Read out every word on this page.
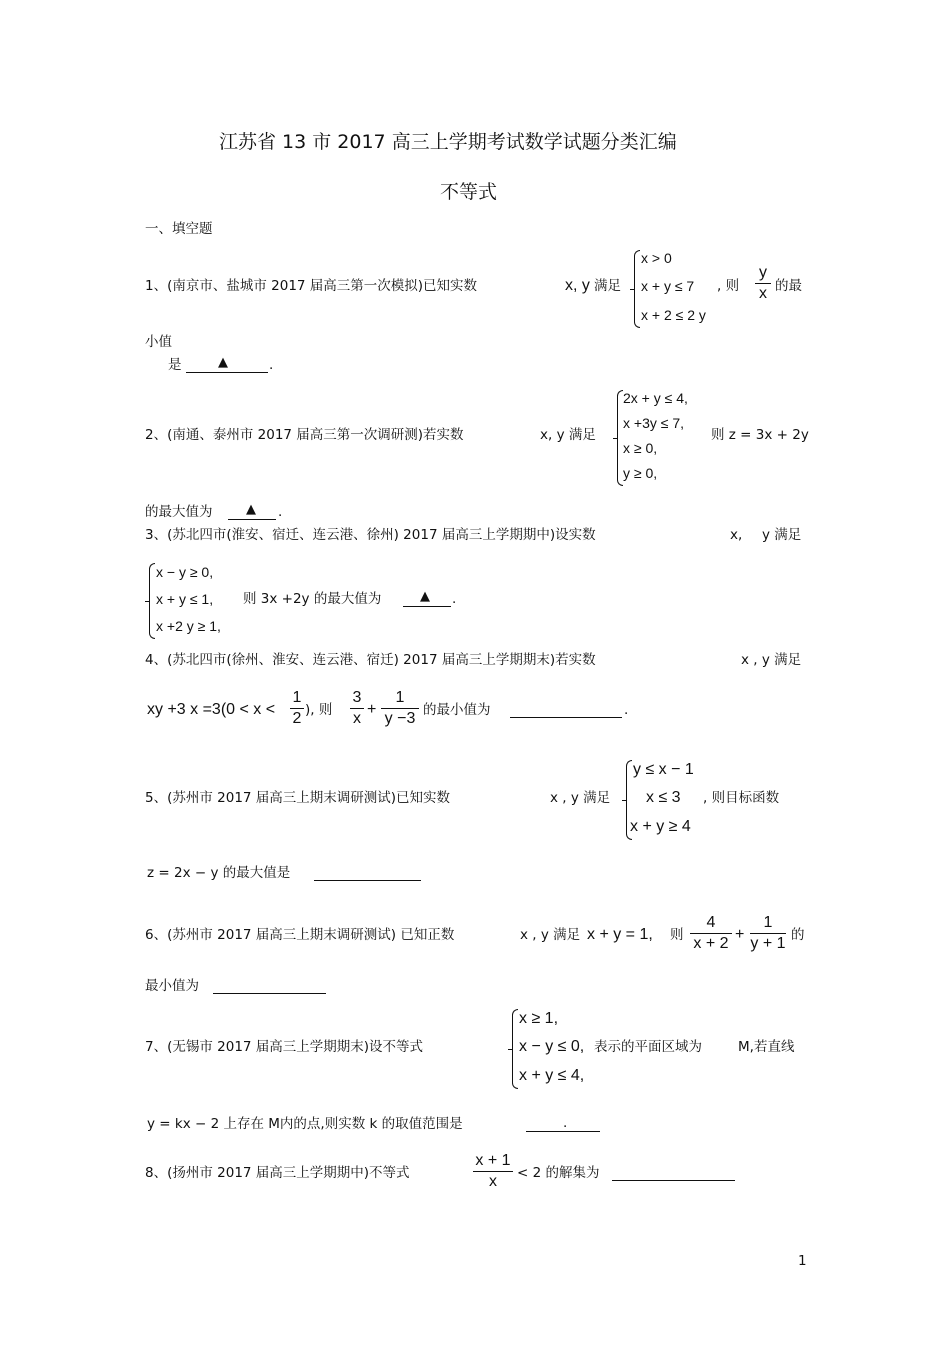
江苏省 13 市 2017 高三上学期考试数学试题分类汇编
不等式
一、填空题
1、(南京市、盐城市 2017 届高三第一次模拟)已知实数	x, y 满足
x > 0
x + y ≤ 7
x + 2 ≤ 2 y
, 则
y
x 的最
小值
是	▲	.
2、(南通、泰州市 2017 届高三第一次调研测)若实数	x, y 满足
2x + y ≤ 4,
x +3y ≤ 7,
x ≥ 0,
y ≥ 0,
则 z = 3x + 2y
的最大值为	▲ .
3、(苏北四市(淮安、宿迁、连云港、徐州) 2017 届高三上学期期中)设实数	x, y 满足
x − y ≥ 0,
x + y ≤ 1,
x +2 y ≥ 1,
则 3x +2y 的最大值为	▲ .
4、(苏北四市(徐州、淮安、连云港、宿迁) 2017 届高三上学期期末)若实数	x , y 满足
xy +3 x =3(0 < x <
1
2 ), 则
3
x
+
1
y −3 的最小值为	.
5、(苏州市 2017 届高三上期末调研测试)已知实数	x , y 满足
y ≤ x − 1
x ≤ 3
x + y ≥ 4
, 则目标函数
z = 2x − y 的最大值是
6、(苏州市 2017 届高三上期末调研测试) 已知正数	x , y 满足 x + y = 1, 则
4
x + 2
+
1
y + 1 的
最小值为
7、(无锡市 2017 届高三上学期期末)设不等式
x ≥ 1,
x − y ≤ 0,
x + y ≤ 4,
表示的平面区域为	M,若直线
y = kx − 2 上存在 M内的点,则实数 k 的取值范围是	.
8、(扬州市 2017 届高三上学期期中)不等式
x + 1
x	< 2 的解集为
1
